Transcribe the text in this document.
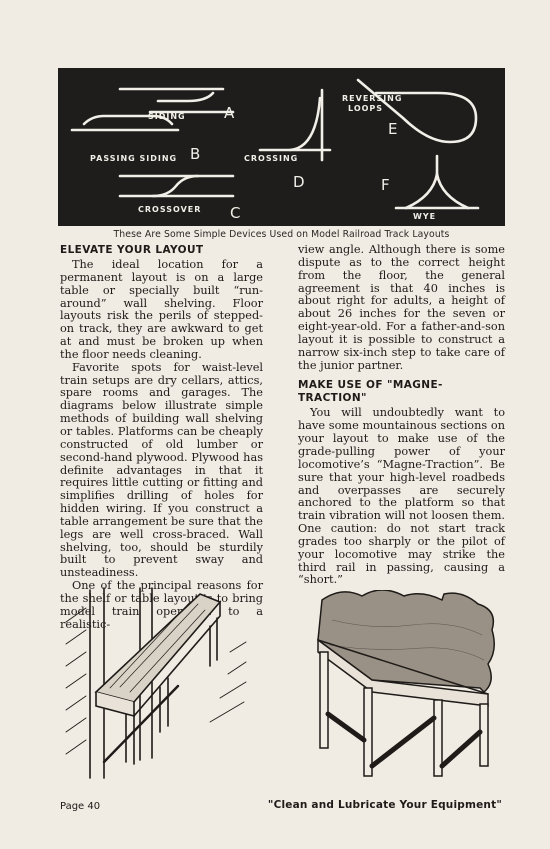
SIDING
PASSING SIDING
CROSSOVER
CROSSING
REVERSING
LOOPS
WYE
A
B
C
D
E
F
These Are Some Simple Devices Used on Model Railroad Track Layouts
ELEVATE YOUR LAYOUT

The ideal location for a permanent layout is on a large table or specially built “run-around” wall shelving. Floor layouts risk the perils of stepped-on track, they are awkward to get at and must be broken up when the floor needs cleaning.

Favorite spots for waist-level train setups are dry cellars, attics, spare rooms and garages. The diagrams below illustrate simple methods of building wall shelving or tables. Platforms can be cheaply constructed of old lumber or second-hand plywood. Plywood has definite advantages in that it requires little cutting or fitting and simplifies drilling of holes for hidden wiring. If you construct a table arrangement be sure that the legs are well cross-braced. Wall shelving, too, should be sturdily built to prevent sway and unsteadiness.

One of the principal reasons for the shelf or table layout is to bring model train operation to a realistic-

view angle. Although there is some dispute as to the correct height from the floor, the general agreement is that 40 inches is about right for adults, a height of about 26 inches for the seven or eight-year-old. For a father-and-son layout it is possible to construct a narrow six-inch step to take care of the junior partner.

MAKE USE OF "MAGNE-TRACTION"

You will undoubtedly want to have some mountainous sections on your layout to make use of the grade-pulling power of your locomotive’s “Magne-Traction”. Be sure that your high-level roadbeds and overpasses are securely anchored to the platform so that train vibration will not loosen them. One caution: do not start track grades too sharply or the pilot of your locomotive may strike the third rail in passing, causing a “short.”

Page 40	"Clean and Lubricate Your Equipment"
